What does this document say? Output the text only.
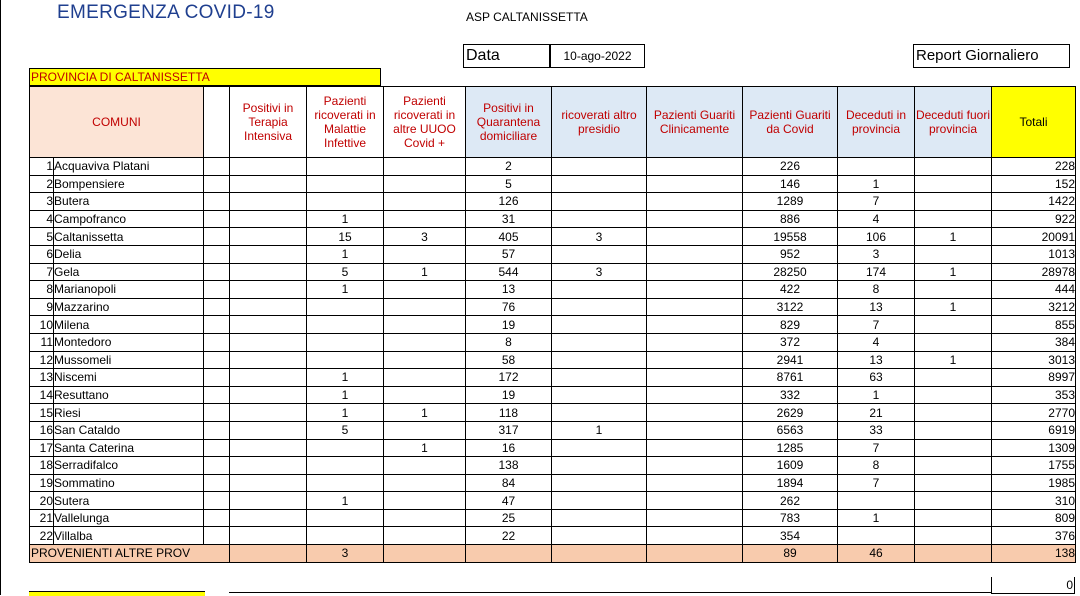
EMERGENZA COVID-19	ASP CALTANISSETTA
Data	10-ago-2022	Report Giornaliero
PROVINCIA DI CALTANISSETTA
COMUNI			Positivi in Terapia Intensiva	Pazienti ricoverati in Malattie Infettive	Pazienti ricoverati in altre UUOO Covid +	Positivi in Quarantena domiciliare	ricoverati altro presidio	Pazienti Guariti Clinicamente	Pazienti Guariti da Covid	Deceduti in provincia	Deceduti fuori provincia	Totali
1	Acquaviva Platani					2			226			228
2	Bompensiere					5			146	1		152
3	Butera					126			1289	7		1422
4	Campofranco			1		31			886	4		922
5	Caltanissetta			15	3	405	3		19558	106	1	20091
6	Delia			1		57			952	3		1013
7	Gela			5	1	544	3		28250	174	1	28978
8	Marianopoli			1		13			422	8		444
9	Mazzarino					76			3122	13	1	3212
10	Milena					19			829	7		855
11	Montedoro					8			372	4		384
12	Mussomeli					58			2941	13	1	3013
13	Niscemi			1		172			8761	63		8997
14	Resuttano			1		19			332	1		353
15	Riesi			1	1	118			2629	21		2770
16	San Cataldo			5		317	1		6563	33		6919
17	Santa Caterina				1	16			1285	7		1309
18	Serradifalco					138			1609	8		1755
19	Sommatino					84			1894	7		1985
20	Sutera			1		47			262			310
21	Vallelunga					25			783	1		809
22	Villalba					22			354			376
PROVENIENTI ALTRE PROV				3					89	46		138
0
